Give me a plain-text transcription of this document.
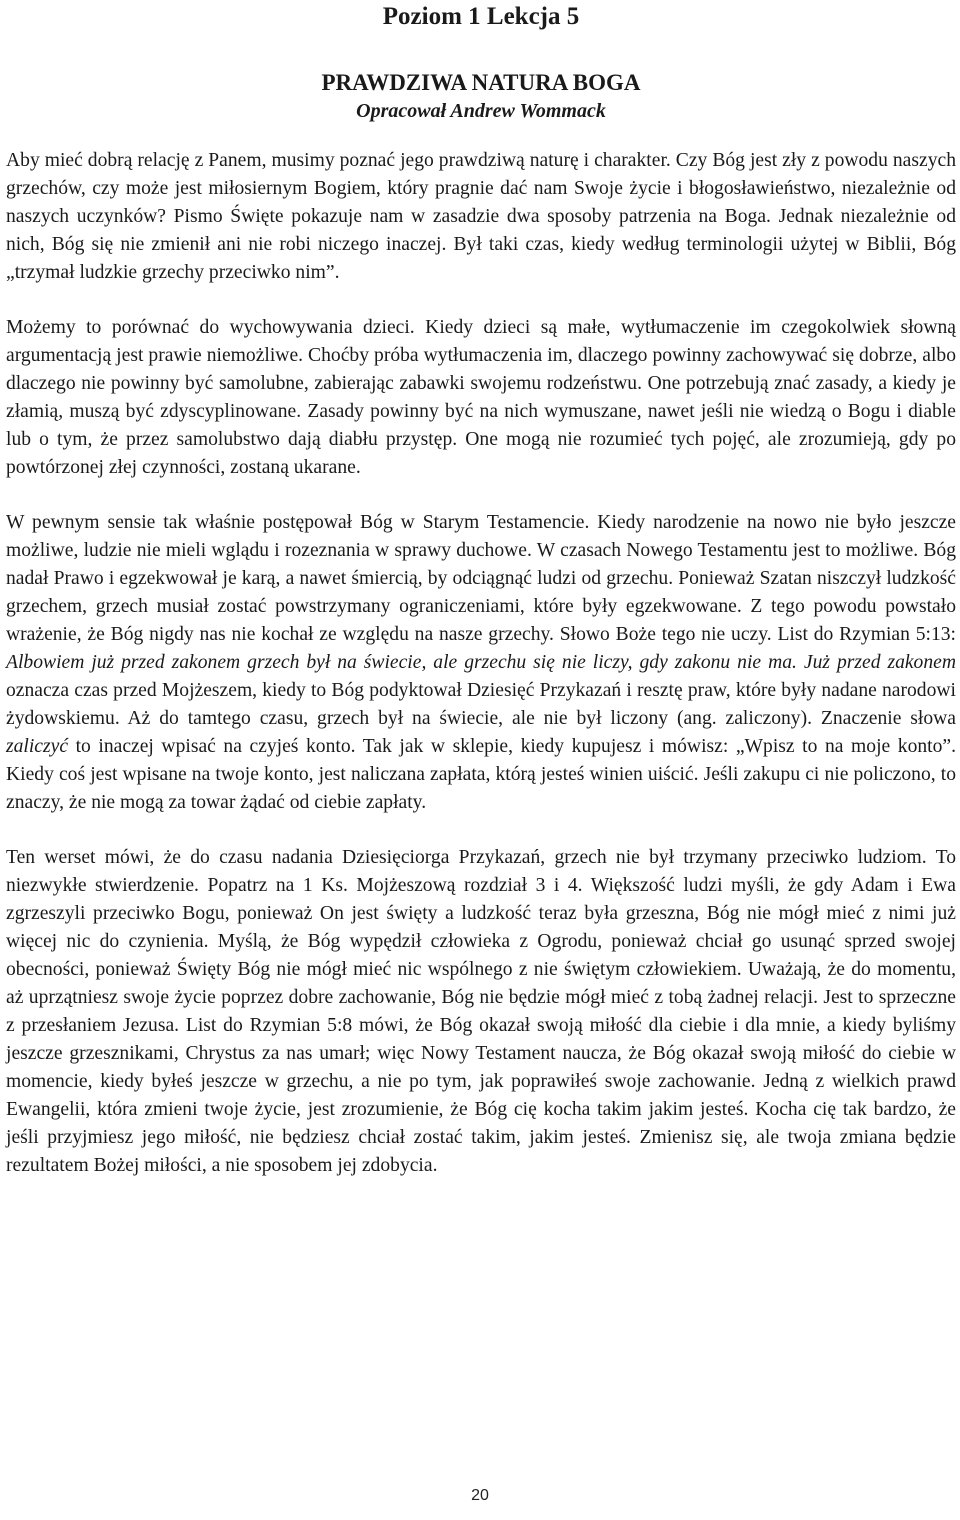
Poziom 1 Lekcja 5
PRAWDZIWA NATURA BOGA
Opracował Andrew Wommack

Aby mieć dobrą relację z Panem, musimy poznać jego prawdziwą naturę i charakter. Czy Bóg jest zły z powodu naszych grzechów, czy może jest miłosiernym Bogiem, który pragnie dać nam Swoje życie i błogosławieństwo, niezależnie od naszych uczynków? Pismo Święte pokazuje nam w zasadzie dwa sposoby patrzenia na Boga. Jednak niezależnie od nich, Bóg się nie zmienił ani nie robi niczego inaczej. Był taki czas, kiedy według terminologii użytej w Biblii, Bóg „trzymał ludzkie grzechy przeciwko nim”.

Możemy to porównać do wychowywania dzieci. Kiedy dzieci są małe, wytłumaczenie im czegokolwiek słowną argumentacją jest prawie niemożliwe. Choćby próba wytłumaczenia im, dlaczego powinny zachowywać się dobrze, albo dlaczego nie powinny być samolubne, zabierając zabawki swojemu rodzeństwu. One potrzebują znać zasady, a kiedy je złamią, muszą być zdyscyplinowane. Zasady powinny być na nich wymuszane, nawet jeśli nie wiedzą o Bogu i diable lub o tym, że przez samolubstwo dają diabłu przystęp. One mogą nie rozumieć tych pojęć, ale zrozumieją, gdy po powtórzonej złej czynności, zostaną ukarane.

W pewnym sensie tak właśnie postępował Bóg w Starym Testamencie. Kiedy narodzenie na nowo nie było jeszcze możliwe, ludzie nie mieli wglądu i rozeznania w sprawy duchowe. W czasach Nowego Testamentu jest to możliwe. Bóg nadał Prawo i egzekwował je karą, a nawet śmiercią, by odciągnąć ludzi od grzechu. Ponieważ Szatan niszczył ludzkość grzechem, grzech musiał zostać powstrzymany ograniczeniami, które były egzekwowane. Z tego powodu powstało wrażenie, że Bóg nigdy nas nie kochał ze względu na nasze grzechy. Słowo Boże tego nie uczy. List do Rzymian 5:13: Albowiem już przed zakonem grzech był na świecie, ale grzechu się nie liczy, gdy zakonu nie ma. Już przed zakonem oznacza czas przed Mojżeszem, kiedy to Bóg podyktował Dziesięć Przykazań i resztę praw, które były nadane narodowi żydowskiemu. Aż do tamtego czasu, grzech był na świecie, ale nie był liczony (ang. zaliczony). Znaczenie słowa zaliczyć to inaczej wpisać na czyjeś konto. Tak jak w sklepie, kiedy kupujesz i mówisz: „Wpisz to na moje konto”. Kiedy coś jest wpisane na twoje konto, jest naliczana zapłata, którą jesteś winien uiścić. Jeśli zakupu ci nie policzono, to znaczy, że nie mogą za towar żądać od ciebie zapłaty.

Ten werset mówi, że do czasu nadania Dziesięciorga Przykazań, grzech nie był trzymany przeciwko ludziom. To niezwykłe stwierdzenie. Popatrz na 1 Ks. Mojżeszową rozdział 3 i 4. Większość ludzi myśli, że gdy Adam i Ewa zgrzeszyli przeciwko Bogu, ponieważ On jest święty a ludzkość teraz była grzeszna, Bóg nie mógł mieć z nimi już więcej nic do czynienia. Myślą, że Bóg wypędził człowieka z Ogrodu, ponieważ chciał go usunąć sprzed swojej obecności, ponieważ Święty Bóg nie mógł mieć nic wspólnego z nie świętym człowiekiem. Uważają, że do momentu, aż uprzątniesz swoje życie poprzez dobre zachowanie, Bóg nie będzie mógł mieć z tobą żadnej relacji. Jest to sprzeczne z przesłaniem Jezusa. List do Rzymian 5:8 mówi, że Bóg okazał swoją miłość dla ciebie i dla mnie, a kiedy byliśmy jeszcze grzesznikami, Chrystus za nas umarł; więc Nowy Testament naucza, że Bóg okazał swoją miłość do ciebie w momencie, kiedy byłeś jeszcze w grzechu, a nie po tym, jak poprawiłeś swoje zachowanie. Jedną z wielkich prawd Ewangelii, która zmieni twoje życie, jest zrozumienie, że Bóg cię kocha takim jakim jesteś. Kocha cię tak bardzo, że jeśli przyjmiesz jego miłość, nie będziesz chciał zostać takim, jakim jesteś. Zmienisz się, ale twoja zmiana będzie rezultatem Bożej miłości, a nie sposobem jej zdobycia.

20
